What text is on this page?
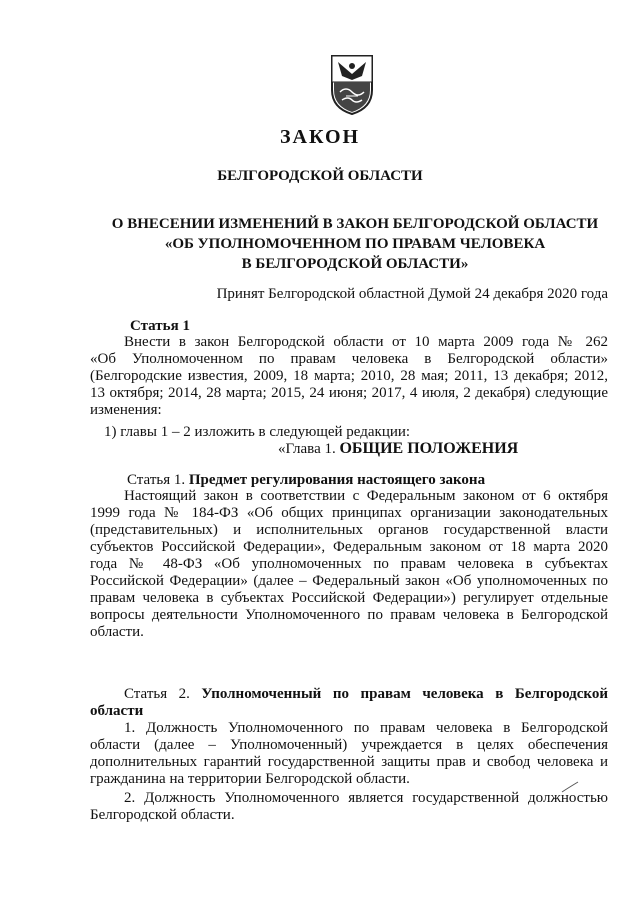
ЗАКОН
БЕЛГОРОДСКОЙ ОБЛАСТИ
О ВНЕСЕНИИ ИЗМЕНЕНИЙ В ЗАКОН БЕЛГОРОДСКОЙ ОБЛАСТИ
«ОБ УПОЛНОМОЧЕННОМ ПО ПРАВАМ ЧЕЛОВЕКА
В БЕЛГОРОДСКОЙ ОБЛАСТИ»
Принят Белгородской областной Думой 24 декабря 2020 года
Статья 1
Внести в закон Белгородской области от 10 марта 2009 года № 262
«Об Уполномоченном по правам человека в Белгородской области»
(Белгородские известия, 2009, 18 марта; 2010, 28 мая; 2011, 13 декабря; 2012,
13 октября; 2014, 28 марта; 2015, 24 июня; 2017, 4 июля, 2 декабря) следующие
изменения:
1) главы 1 – 2 изложить в следующей редакции:
«Глава 1. ОБЩИЕ ПОЛОЖЕНИЯ
Статья 1. Предмет регулирования настоящего закона
Настоящий закон в соответствии с Федеральным законом от 6 октября
1999 года № 184-ФЗ «Об общих принципах организации законодательных
(представительных) и исполнительных органов государственной власти
субъектов Российской Федерации», Федеральным законом от 18 марта 2020
года № 48-ФЗ «Об уполномоченных по правам человека в субъектах
Российской Федерации» (далее – Федеральный закон «Об уполномоченных по
правам человека в субъектах Российской Федерации») регулирует отдельные
вопросы деятельности Уполномоченного по правам человека в Белгородской
области.
Статья 2. Уполномоченный по правам человека в Белгородской
области
1. Должность Уполномоченного по правам человека в Белгородской
области (далее – Уполномоченный) учреждается в целях обеспечения
дополнительных гарантий государственной защиты прав и свобод человека и
гражданина на территории Белгородской области.
2. Должность Уполномоченного является государственной должностью
Белгородской области.
